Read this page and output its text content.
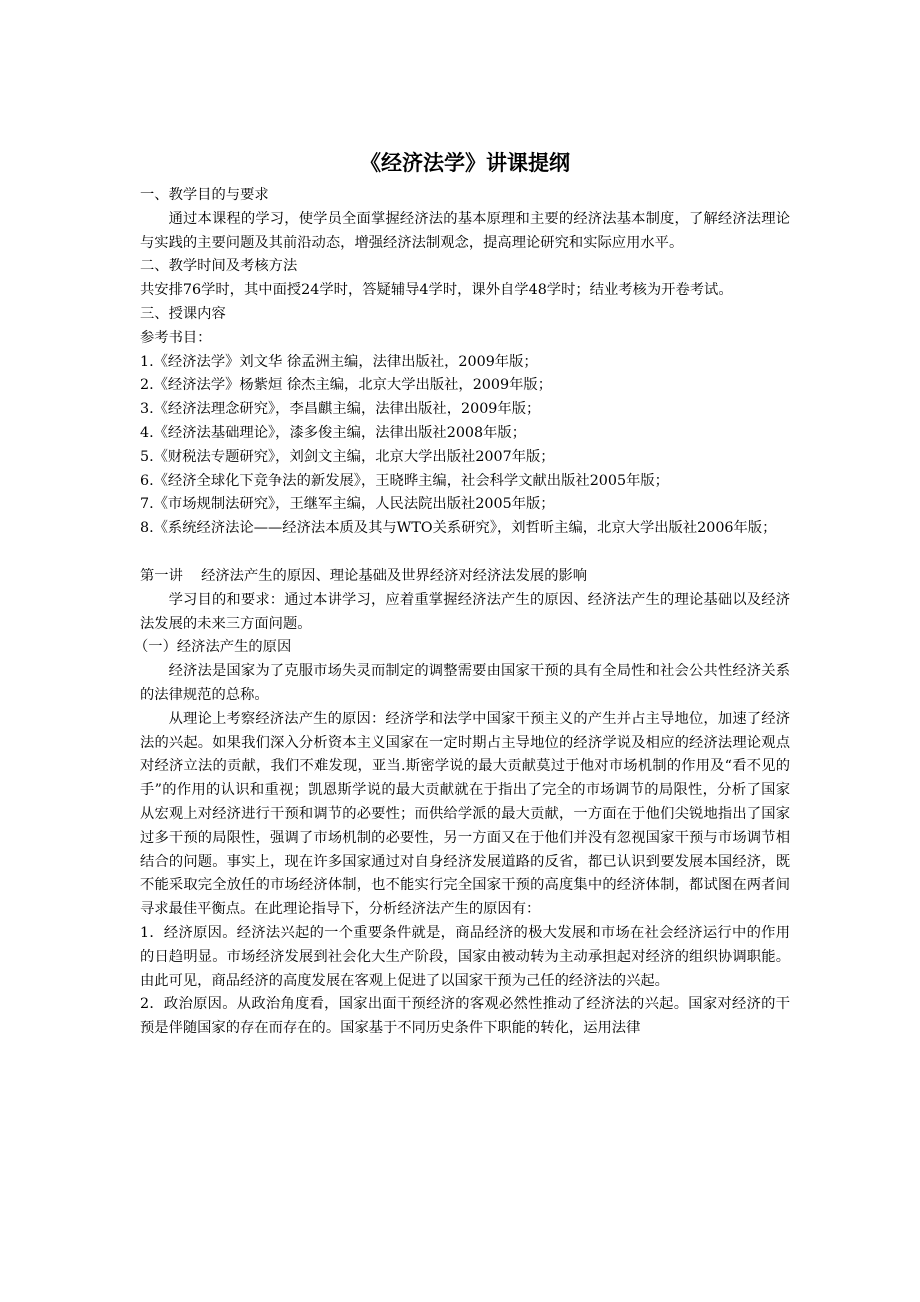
《经济法学》讲课提纲

一、教学目的与要求

通过本课程的学习，使学员全面掌握经济法的基本原理和主要的经济法基本制度，了解经济法理论与实践的主要问题及其前沿动态，增强经济法制观念，提高理论研究和实际应用水平。

二、教学时间及考核方法

共安排76学时，其中面授24学时，答疑辅导4学时，课外自学48学时；结业考核为开卷考试。

三、授课内容

参考书目：

1.《经济法学》刘文华 徐孟洲主编，法律出版社，2009年版；

2.《经济法学》杨紫烜 徐杰主编，北京大学出版社，2009年版；

3.《经济法理念研究》，李昌麒主编，法律出版社，2009年版；

4.《经济法基础理论》，漆多俊主编，法律出版社2008年版；

5.《财税法专题研究》，刘剑文主编，北京大学出版社2007年版；

6.《经济全球化下竞争法的新发展》，王晓晔主编，社会科学文献出版社2005年版；

7.《市场规制法研究》，王继军主编，人民法院出版社2005年版；

8.《系统经济法论——经济法本质及其与WTO关系研究》，刘哲昕主编，北京大学出版社2006年版；

第一讲    经济法产生的原因、理论基础及世界经济对经济法发展的影响

学习目的和要求：通过本讲学习，应着重掌握经济法产生的原因、经济法产生的理论基础以及经济法发展的未来三方面问题。

（一）经济法产生的原因

经济法是国家为了克服市场失灵而制定的调整需要由国家干预的具有全局性和社会公共性经济关系的法律规范的总称。

从理论上考察经济法产生的原因：经济学和法学中国家干预主义的产生并占主导地位，加速了经济法的兴起。如果我们深入分析资本主义国家在一定时期占主导地位的经济学说及相应的经济法理论观点对经济立法的贡献，我们不难发现，亚当.斯密学说的最大贡献莫过于他对市场机制的作用及“看不见的手”的作用的认识和重视；凯恩斯学说的最大贡献就在于指出了完全的市场调节的局限性，分析了国家从宏观上对经济进行干预和调节的必要性；而供给学派的最大贡献，一方面在于他们尖锐地指出了国家过多干预的局限性，强调了市场机制的必要性，另一方面又在于他们并没有忽视国家干预与市场调节相结合的问题。事实上，现在许多国家通过对自身经济发展道路的反省，都已认识到要发展本国经济，既不能采取完全放任的市场经济体制，也不能实行完全国家干预的高度集中的经济体制，都试图在两者间寻求最佳平衡点。在此理论指导下，分析经济法产生的原因有：

1．经济原因。经济法兴起的一个重要条件就是，商品经济的极大发展和市场在社会经济运行中的作用的日趋明显。市场经济发展到社会化大生产阶段，国家由被动转为主动承担起对经济的组织协调职能。由此可见，商品经济的高度发展在客观上促进了以国家干预为己任的经济法的兴起。

2．政治原因。从政治角度看，国家出面干预经济的客观必然性推动了经济法的兴起。国家对经济的干预是伴随国家的存在而存在的。国家基于不同历史条件下职能的转化，运用法律
